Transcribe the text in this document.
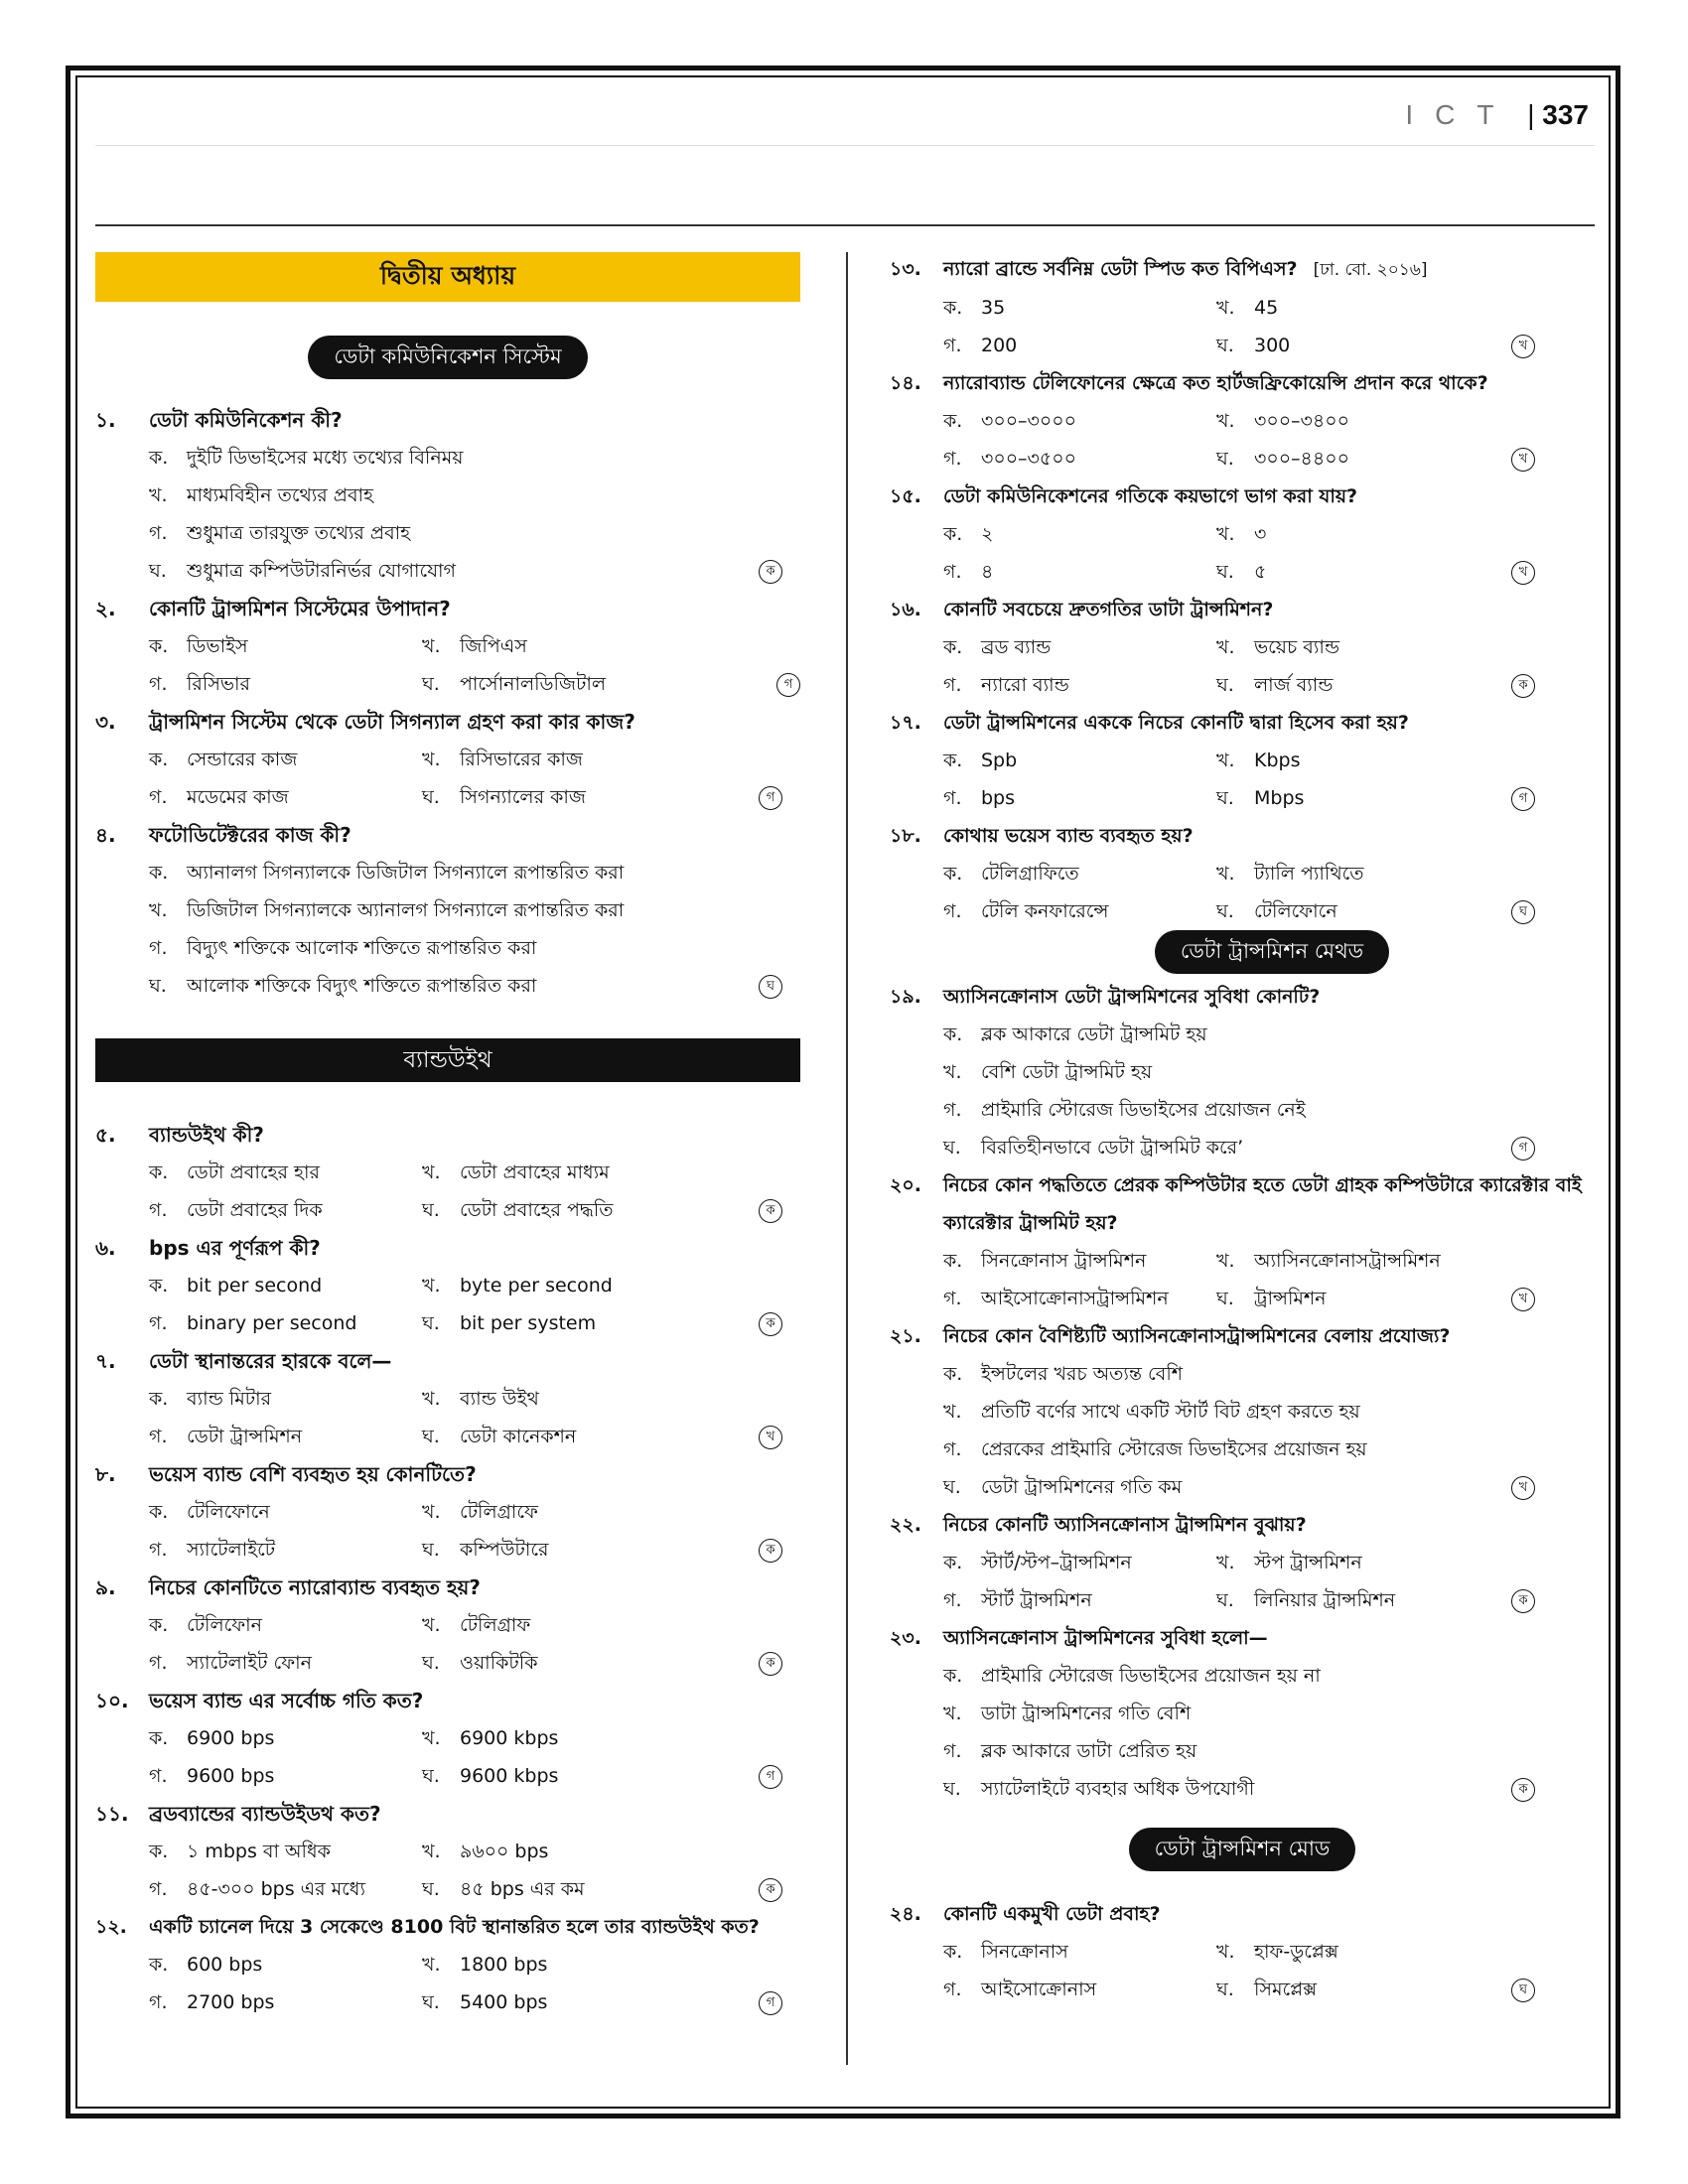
ICT | 337
দ্বিতীয় অধ্যায়
ডেটা কমিউনিকেশন সিস্টেম
১.	ডেটা কমিউনিকেশন কী?
ক. দুইটি ডিভাইসের মধ্যে তথ্যের বিনিময়
খ.	মাধ্যমবিহীন তথ্যের প্রবাহ
গ.	শুধুমাত্র তারযুক্ত তথ্যের প্রবাহ
ঘ.	শুধুমাত্র কম্পিউটারনির্ভর যোগাযোগ	ক
২.	কোনটি ট্রান্সমিশন সিস্টেমের উপাদান?
ক. ডিভাইস	খ.	জিপিএস
গ.	রিসিভার	ঘ.	পার্সোনালডিজিটাল	গ
৩.	ট্রান্সমিশন সিস্টেম থেকে ডেটা সিগন্যাল গ্রহণ করা কার কাজ?
ক. সেন্ডারের কাজ	খ.	রিসিভারের কাজ
গ.	মডেমের কাজ	ঘ.	সিগন্যালের কাজ	গ
৪.	ফটোডিটেক্টরের কাজ কী?
ক. অ্যানালগ সিগন্যালকে ডিজিটাল সিগন্যালে রূপান্তরিত করা
খ.	ডিজিটাল সিগন্যালকে অ্যানালগ সিগন্যালে রূপান্তরিত করা
গ.	বিদ্যুৎ শক্তিকে আলোক শক্তিতে রূপান্তরিত করা
ঘ.	আলোক শক্তিকে বিদ্যুৎ শক্তিতে রূপান্তরিত করা	ঘ
ব্যান্ডউইথ
৫.	ব্যান্ডউইথ কী?
ক. ডেটা প্রবাহের হার	খ.	ডেটা প্রবাহের মাধ্যম
গ.	ডেটা প্রবাহের দিক	ঘ.	ডেটা প্রবাহের পদ্ধতি	ক
৬.	bps এর পূর্ণরূপ কী?
ক. bit per second	খ.	byte per second
গ.	binary per second	ঘ.	bit per system	ক
৭.	ডেটা স্থানান্তরের হারকে বলে—
ক. ব্যান্ড মিটার	খ.	ব্যান্ড উইথ
গ.	ডেটা ট্রান্সমিশন	ঘ.	ডেটা কানেকশন	খ
৮.	ভয়েস ব্যান্ড বেশি ব্যবহৃত হয় কোনটিতে?
ক. টেলিফোনে	খ.	টেলিগ্রাফে
গ.	স্যাটেলাইটে	ঘ.	কম্পিউটারে	ক
৯.	নিচের কোনটিতে ন্যারোব্যান্ড ব্যবহৃত হয়?
ক. টেলিফোন	খ.	টেলিগ্রাফ
গ.	স্যাটেলাইট ফোন	ঘ.	ওয়াকিটকি	ক
১০.	ভয়েস ব্যান্ড এর সর্বোচ্চ গতি কত?
ক. 6900 bps	খ.	6900 kbps
গ.	9600 bps	ঘ.	9600 kbps	গ
১১.	ব্রডব্যান্ডের ব্যান্ডউইডথ কত?
ক. ১ mbps বা অধিক	খ.	৯৬০০ bps
গ.	৪৫-৩০০ bps এর মধ্যে	ঘ.	৪৫ bps এর কম	ক
১২.	একটি চ্যানেল দিয়ে 3 সেকেণ্ডে 8100 বিট স্থানান্তরিত হলে তার ব্যান্ডউইথ কত?
ক. 600 bps	খ.	1800 bps
গ.	2700 bps	ঘ.	5400 bps	গ
১৩.	ন্যারো ব্রান্ডে সর্বনিম্ন ডেটা স্পিড কত বিপিএস? [ঢা. বো. ২০১৬]
ক. 35	খ.	45
গ.	200	ঘ.	300	খ
১৪.	ন্যারোব্যান্ড টেলিফোনের ক্ষেত্রে কত হার্টজফ্রিকোয়েন্সি প্রদান করে থাকে?
ক. ৩০০–৩০০০	খ.	৩০০–৩৪০০
গ.	৩০০–৩৫০০	ঘ.	৩০০–৪৪০০	খ
১৫.	ডেটা কমিউনিকেশনের গতিকে কয়ভাগে ভাগ করা যায়?
ক. ২	খ.	৩
গ.	৪	ঘ.	৫	খ
১৬.	কোনটি সবচেয়ে দ্রুতগতির ডাটা ট্রান্সমিশন?
ক. ব্রড ব্যান্ড	খ.	ভয়েচ ব্যান্ড
গ.	ন্যারো ব্যান্ড	ঘ.	লার্জ ব্যান্ড	ক
১৭.	ডেটা ট্রান্সমিশনের এককে নিচের কোনটি দ্বারা হিসেব করা হয়?
ক. Spb	খ.	Kbps
গ.	bps	ঘ.	Mbps	গ
১৮.	কোথায় ভয়েস ব্যান্ড ব্যবহৃত হয়?
ক. টেলিগ্রাফিতে	খ.	ট্যালি প্যাথিতে
গ.	টেলি কনফারেন্সে	ঘ.	টেলিফোনে	ঘ
ডেটা ট্রান্সমিশন মেথড
১৯.	অ্যাসিনক্রোনাস ডেটা ট্রান্সমিশনের সুবিধা কোনটি?
ক. ব্লক আকারে ডেটা ট্রান্সমিট হয়
খ.	বেশি ডেটা ট্রান্সমিট হয়
গ.	প্রাইমারি স্টোরেজ ডিভাইসের প্রয়োজন নেই
ঘ.	বিরতিহীনভাবে ডেটা ট্রান্সমিট করে’	গ
২০.	নিচের কোন পদ্ধতিতে প্রেরক কম্পিউটার হতে ডেটা গ্রাহক কম্পিউটারে ক্যারেক্টার বাই ক্যারেক্টার ট্রান্সমিট হয়?
ক. সিনক্রোনাস ট্রান্সমিশন	খ.	অ্যাসিনক্রোনাসট্রান্সমিশন
গ.	আইসোক্রোনাসট্রান্সমিশন	ঘ.	ট্রান্সমিশন	খ
২১.	নিচের কোন বৈশিষ্ট্যটি অ্যাসিনক্রোনাসট্রান্সমিশনের বেলায় প্রযোজ্য?
ক. ইন্সটলের খরচ অত্যন্ত বেশি
খ.	প্রতিটি বর্ণের সাথে একটি স্টার্ট বিট গ্রহণ করতে হয়
গ.	প্রেরকের প্রাইমারি স্টোরেজ ডিভাইসের প্রয়োজন হয়
ঘ.	ডেটা ট্রান্সমিশনের গতি কম	খ
২২.	নিচের কোনটি অ্যাসিনক্রোনাস ট্রান্সমিশন বুঝায়?
ক. স্টার্ট/স্টপ–ট্রান্সমিশন	খ.	স্টপ ট্রান্সমিশন
গ.	স্টার্ট ট্রান্সমিশন	ঘ.	লিনিয়ার ট্রান্সমিশন	ক
২৩.	অ্যাসিনক্রোনাস ট্রান্সমিশনের সুবিধা হলো—
ক. প্রাইমারি স্টোরেজ ডিভাইসের প্রয়োজন হয় না
খ.	ডাটা ট্রান্সমিশনের গতি বেশি
গ.	ব্লক আকারে ডাটা প্রেরিত হয়
ঘ.	স্যাটেলাইটে ব্যবহার অধিক উপযোগী	ক
ডেটা ট্রান্সমিশন মোড
২৪.	কোনটি একমুখী ডেটা প্রবাহ?
ক. সিনক্রোনাস	খ.	হাফ-ডুপ্লেক্স
গ.	আইসোক্রোনাস	ঘ.	সিমপ্লেক্স	ঘ
